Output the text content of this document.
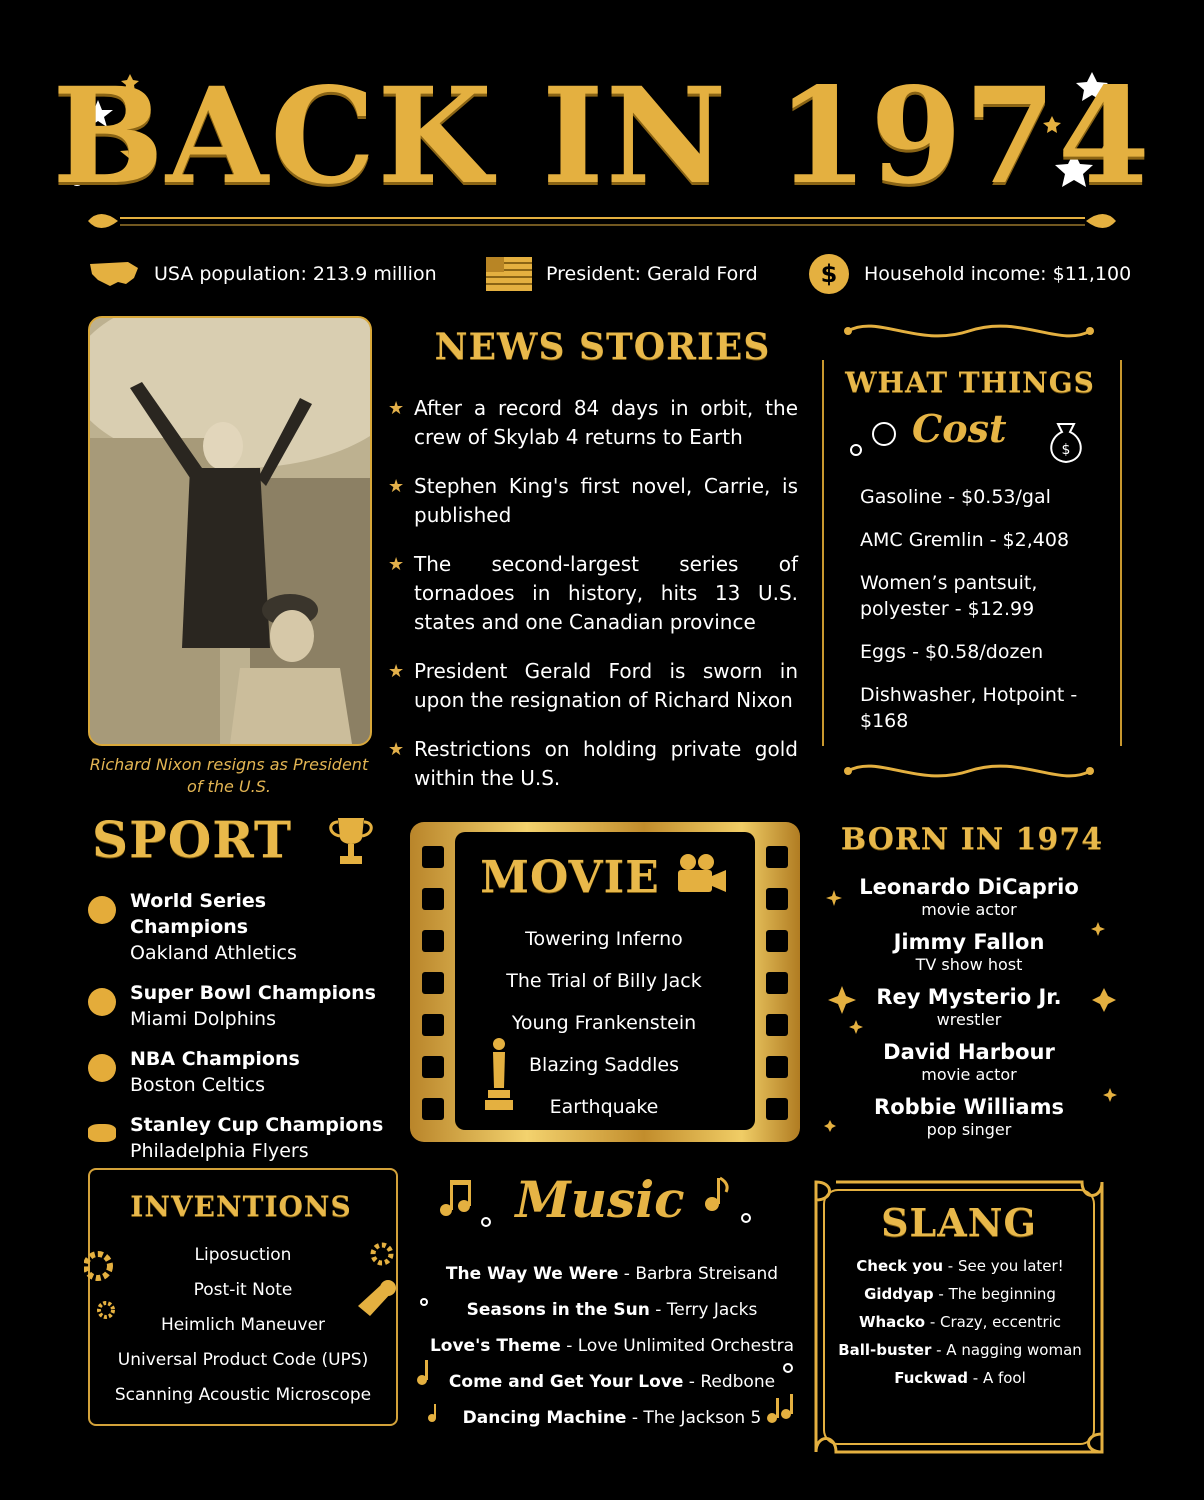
BACK IN 1974
USA population: 213.9 million	President: Gerald Ford	$ Household income: $11,100
Richard Nixon resigns as President of the U.S.
NEWS STORIES
★ After a record 84 days in orbit, the crew of Skylab 4 returns to Earth
★ Stephen King's first novel, Carrie, is published
★ The second-largest series of tornadoes in history, hits 13 U.S. states and one Canadian province
★ President Gerald Ford is sworn in upon the resignation of Richard Nixon
★ Restrictions on holding private gold within the U.S.
WHAT THINGS
Cost	$
Gasoline - $0.53/gal
AMC Gremlin - $2,408
Women’s pantsuit, polyester - $12.99
Eggs - $0.58/dozen
Dishwasher, Hotpoint - $168
SPORT
World Series Champions
Oakland Athletics
Super Bowl Champions
Miami Dolphins
NBA Champions
Boston Celtics
Stanley Cup Champions
Philadelphia Flyers
MOVIE
Towering Inferno
The Trial of Billy Jack
Young Frankenstein
Blazing Saddles
Earthquake
BORN IN 1974
Leonardo DiCaprio
movie actor
Jimmy Fallon
TV show host
Rey Mysterio Jr.
wrestler
David Harbour
movie actor
Robbie Williams
pop singer
INVENTIONS
Liposuction
Post-it Note
Heimlich Maneuver
Universal Product Code (UPS)
Scanning Acoustic Microscope
Music
The Way We Were - Barbra Streisand
Seasons in the Sun - Terry Jacks
Love's Theme - Love Unlimited Orchestra
Come and Get Your Love - Redbone
Dancing Machine - The Jackson 5
SLANG
Check you - See you later!
Giddyap - The beginning
Whacko - Crazy, eccentric
Ball-buster - A nagging woman
Fuckwad - A fool
